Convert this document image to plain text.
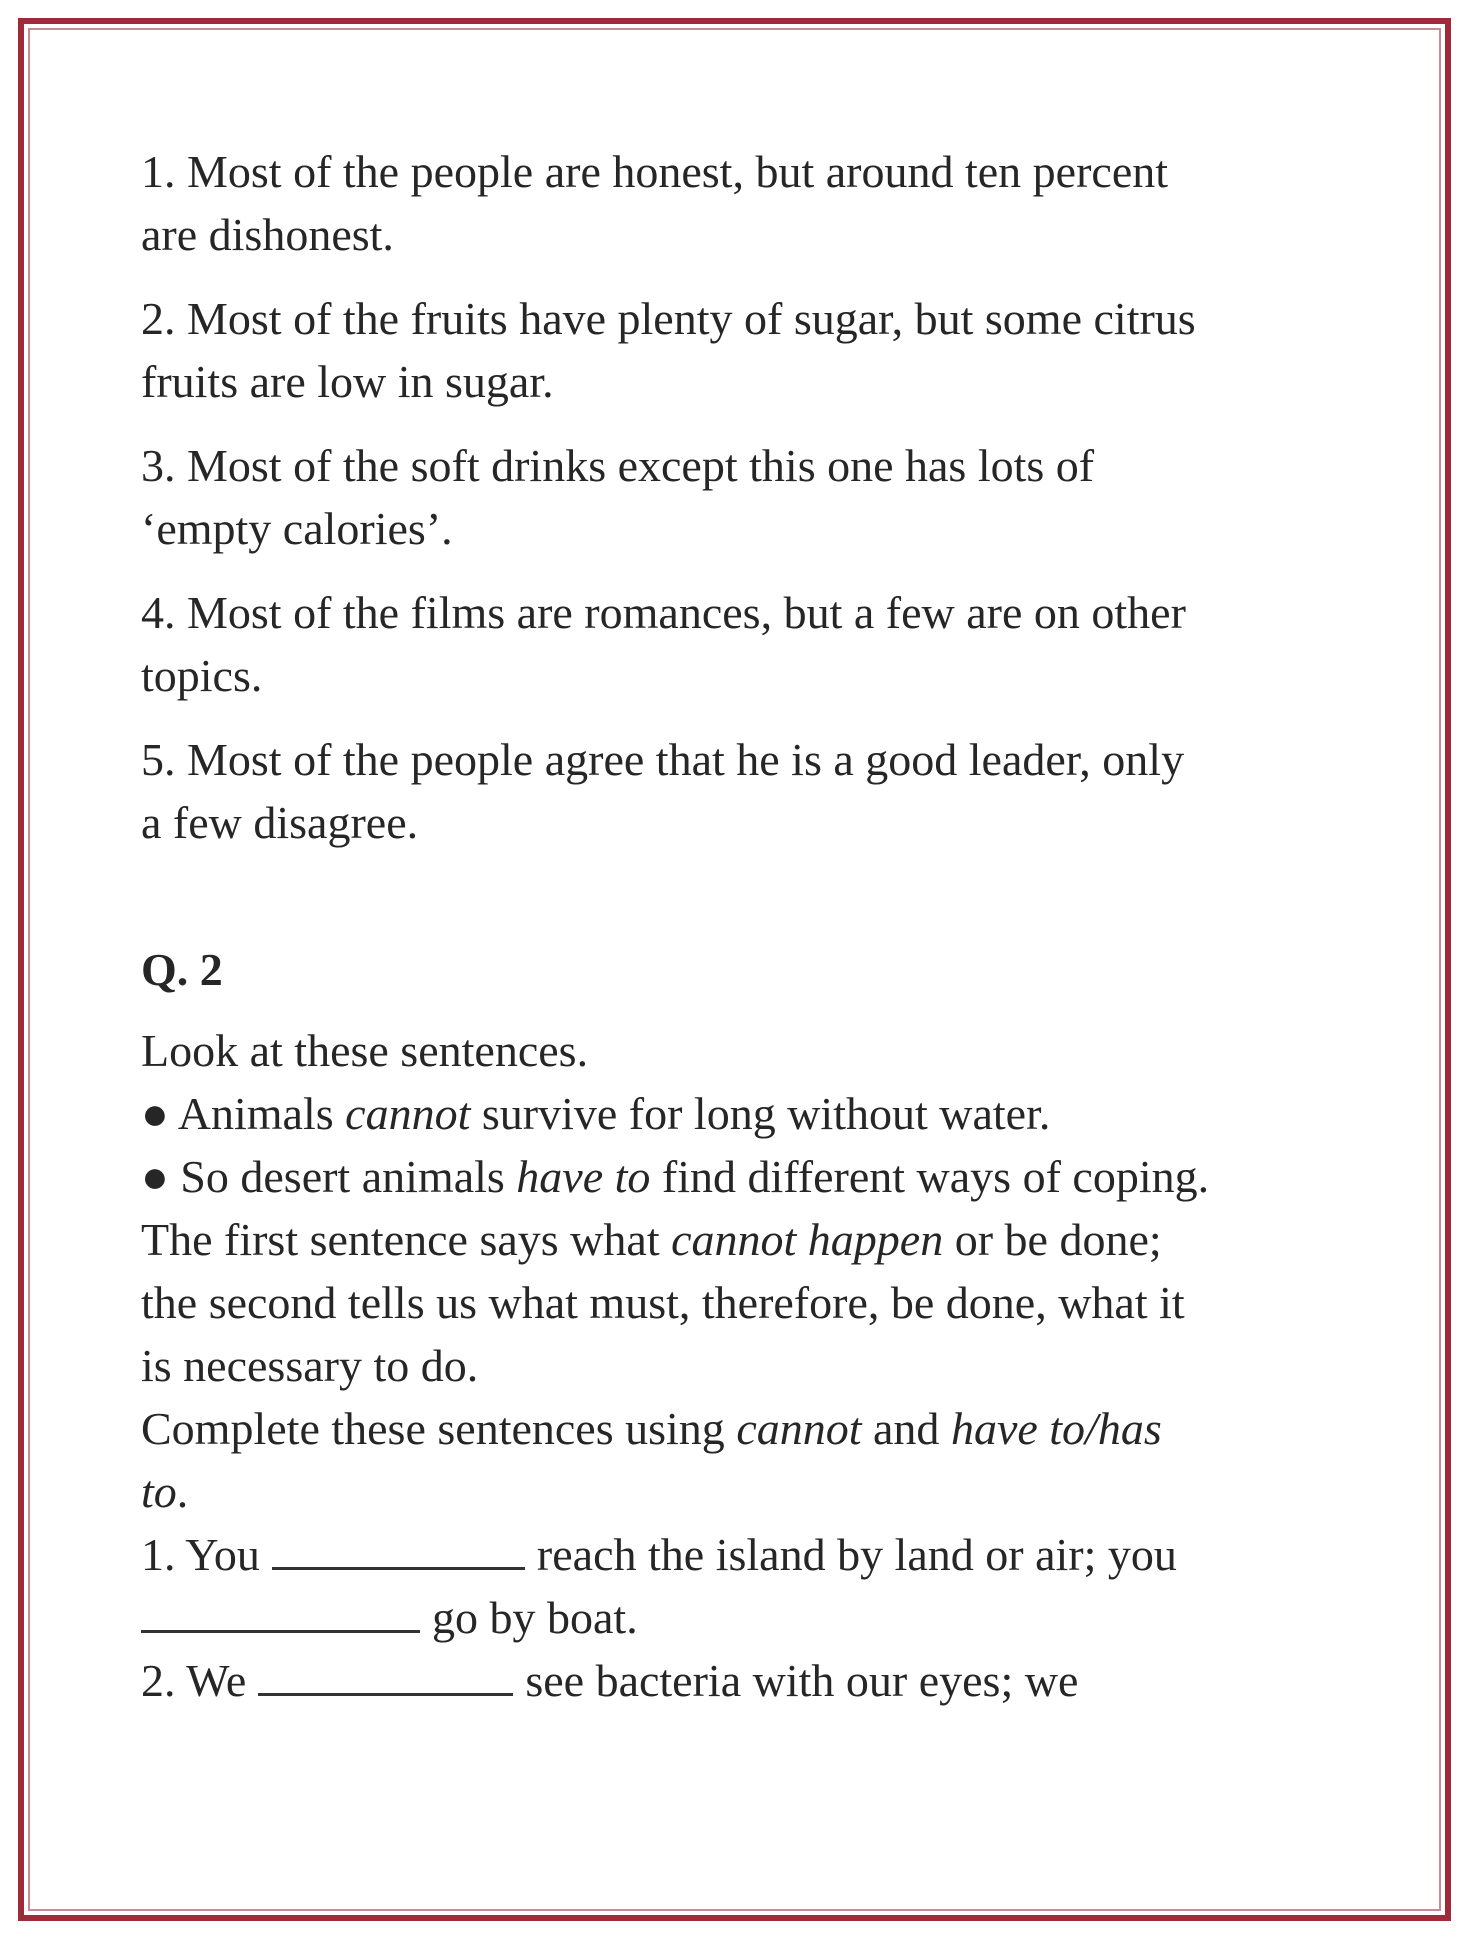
1. Most of the people are honest, but around ten percent
are dishonest.
2. Most of the fruits have plenty of sugar, but some citrus
fruits are low in sugar.
3. Most of the soft drinks except this one has lots of
‘empty calories’.
4. Most of the films are romances, but a few are on other
topics.
5. Most of the people agree that he is a good leader, only
a few disagree.
Q. 2
Look at these sentences.
● Animals cannot survive for long without water.
● So desert animals have to find different ways of coping.
The first sentence says what cannot happen or be done;
the second tells us what must, therefore, be done, what it
is necessary to do.
Complete these sentences using cannot and have to/has
to.
1. You	reach the island by land or air; you
go by boat.
2. We	see bacteria with our eyes; we
